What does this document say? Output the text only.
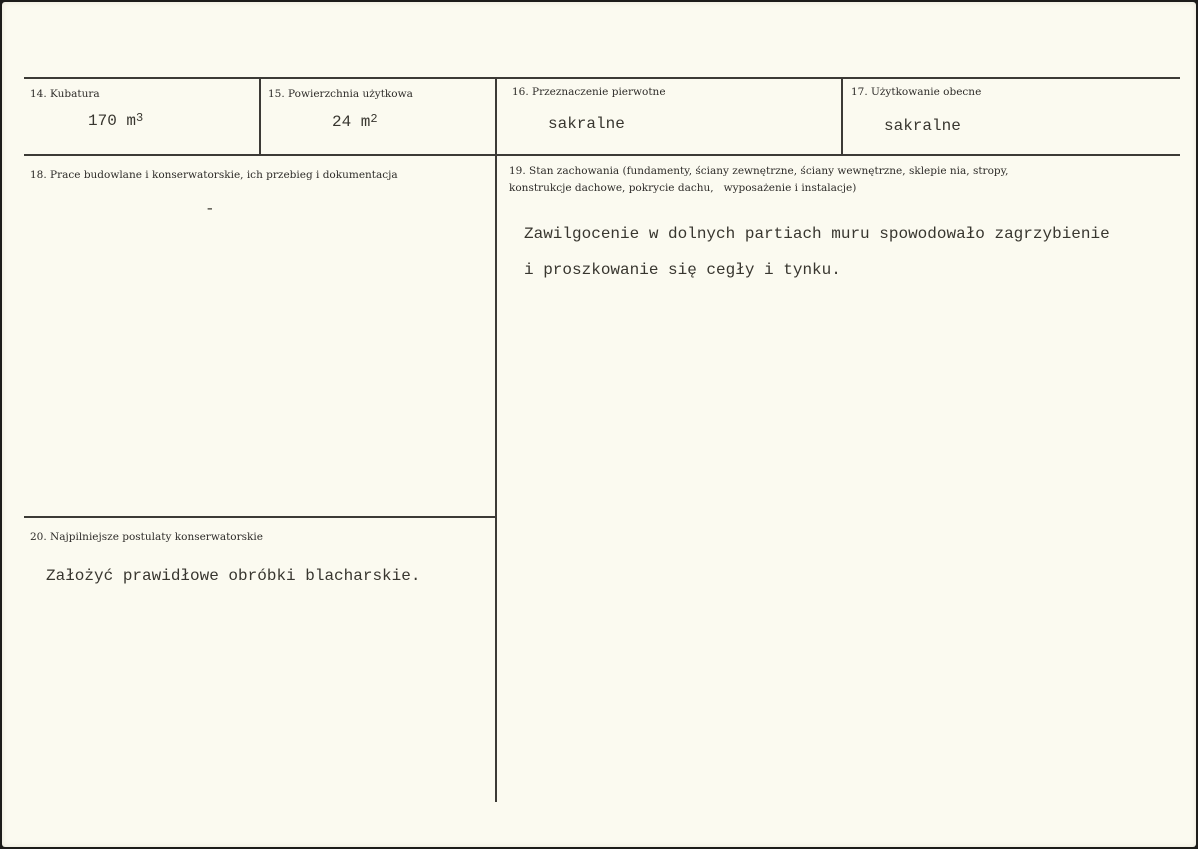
14. Kubatura
170 $m^3$
15. Powierzchnia użytkowa
24 $m^2$
16. Przeznaczenie pierwotne
sakralne
17. Użytkowanie obecne
sakralne
18. Prace budowlane i konserwatorskie, ich przebieg i dokumentacja
-
19. Stan zachowania (fundamenty, ściany zewnętrzne, ściany wewnętrzne, sklepie nia, stropy,
konstrukcje dachowe, pokrycie dachu,   wyposażenie i instalacje)
Zawilgocenie w dolnych partiach muru spowodowało zagrzybienie
i proszkowanie się cegły i tynku.
20. Najpilniejsze postulaty konserwatorskie
Założyć prawidłowe obróbki blacharskie.
